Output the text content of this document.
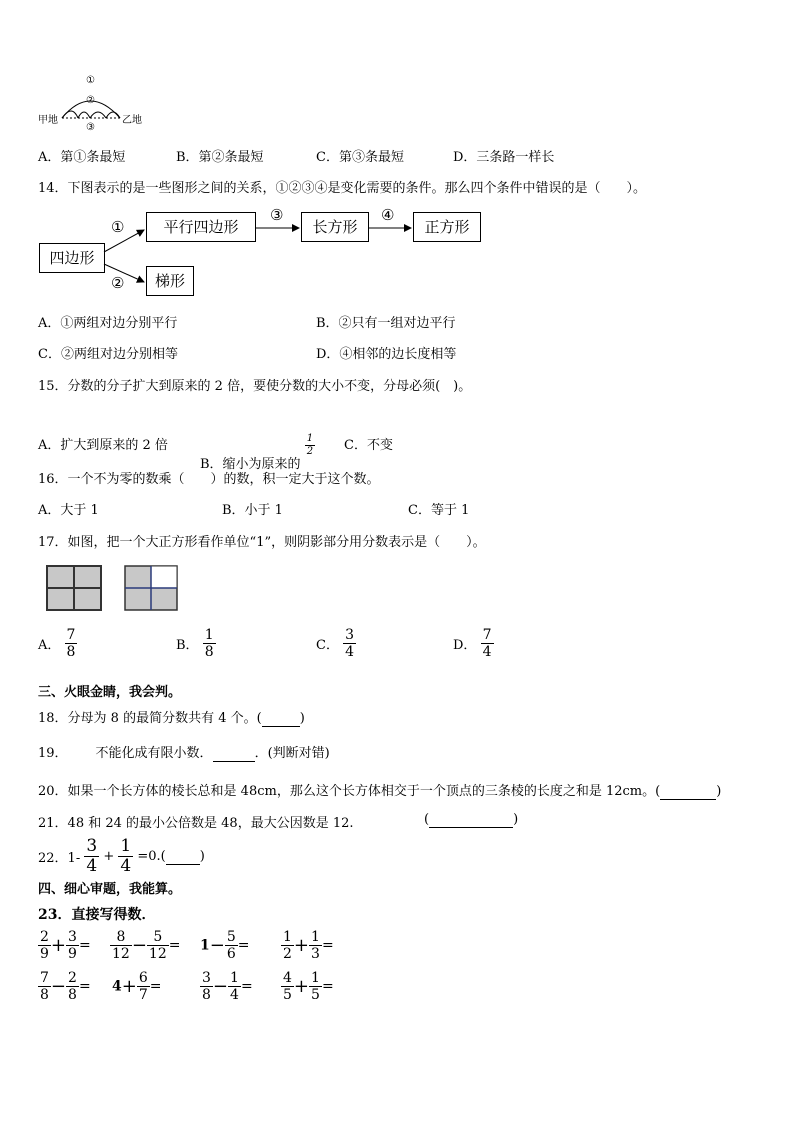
①
②
③
甲地	乙地
A．第①条最短	B．第②条最短	C．第③条最短	D．三条路一样长
14．下图表示的是一些图形之间的关系，①②③④是变化需要的条件。那么四个条件中错误的是（　　）。
四边形
平行四边形	长方形	正方形
梯形
①
②
③	④
A．①两组对边分别平行	B．②只有一组对边平行
C．②两组对边分别相等	D．④相邻的边长度相等
15．分数的分子扩大到原来的 2 倍，要使分数的大小不变，分母必须(　)。
A．扩大到原来的 2 倍
B．缩小为原来的
$\frac{1}{2}$ C．不变
16．一个不为零的数乘（　　）的数，积一定大于这个数。
A．大于 1	B．小于 1	C．等于 1
17．如图，把一个大正方形看作单位“1”，则阴影部分用分数表示是（　　）。
A． $\frac{7}{8}$	B． $\frac{1}{8}$	C． $\frac{3}{4}$	D． $\frac{7}{4}$
三、火眼金睛，我会判。
18．分母为 8 的最简分数共有 4 个。(	)
19． 不能化成有限小数．	．(判断对错)
20．如果一个长方体的棱长总和是 48cm，那么这个长方体相交于一个顶点的三条棱的长度之和是 12cm。(	)
21．48 和 24 的最小公倍数是 48，最大公因数是 12.	(	)
22．$1- \frac{3}{4} + \frac{1}{4} =0$.(	)
四、细心审题，我能算。
23．直接写得数．
$\frac{2}{9} + \frac{3}{9} = \frac{8}{12} - \frac{5}{12} = 1- \frac{5}{6} = \frac{1}{2} + \frac{1}{3}$ =
$\frac{7}{8} - \frac{2}{8} = 4+ \frac{6}{7}$ =	$\frac{3}{8} - \frac{1}{4} = \frac{4}{5} + \frac{1}{5}$ =
